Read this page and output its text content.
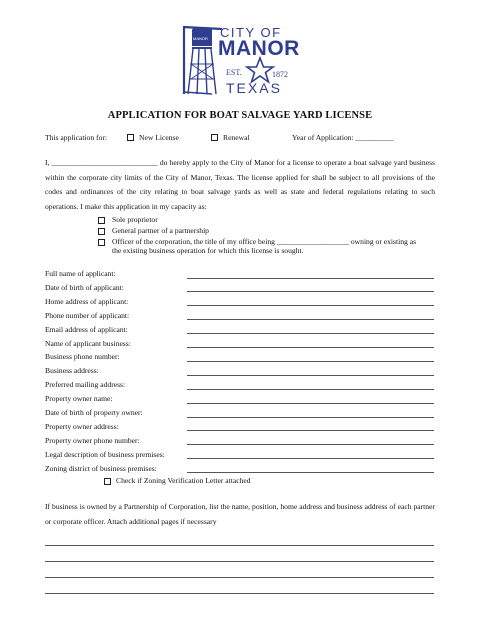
CITY OF
MANOR
EST.	1872
TEXAS
MANOR
APPLICATION FOR BOAT SALVAGE YARD LICENSE
This application for:	New License	Renewal	Year of Application: __________
I, ____________________________ do hereby apply to the City of Manor for a license to operate a boat salvage yard business within the corporate city limits of the City of Manor, Texas. The license applied for shall be subject to all provisions of the codes and ordinances of the city relating to boat salvage yards as well as state and federal regulations relating to such operations. I make this application in my capacity as:
Sole proprietor
General partner of a partnership
Officer of the corporation, the title of my office being ___________________ owning or existing as
the existing business operation for which this license is sought.
Full name of applicant:
Date of birth of applicant:
Home address of applicant:
Phone number of applicant:
Email address of applicant:
Name of applicant business:
Business phone number:
Business address:
Preferred mailing address:
Property owner name:
Date of birth of property owner:
Property owner address:
Property owner phone number:
Legal description of business premises:
Zoning district of business premises:
Check if Zoning Verification Letter attached
If business is owned by a Partnership of Corporation, list the name, position, home address and business address of each partner or corporate officer. Attach additional pages if necessary
